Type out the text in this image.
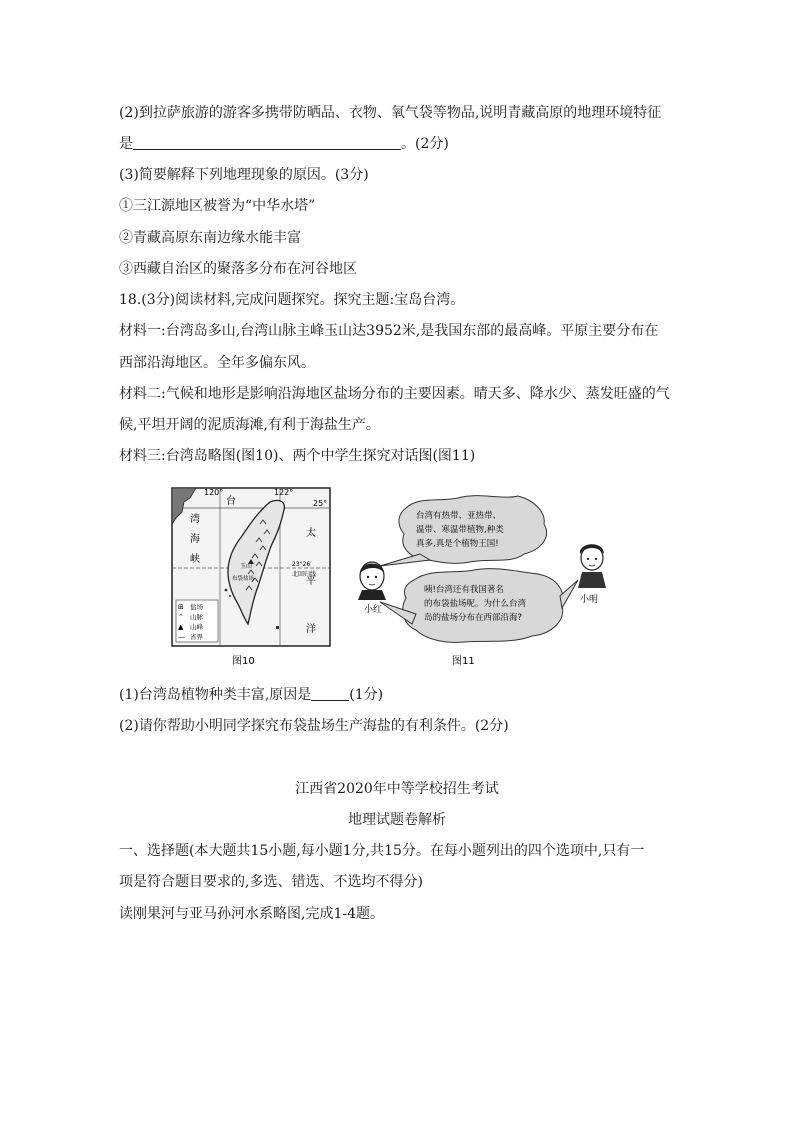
(2)到拉萨旅游的游客多携带防晒品、衣物、氧气袋等物品,说明青藏高原的地理环境特征
是	。(2分)
(3)简要解释下列地理现象的原因。(3分)
①三江源地区被誉为“中华水塔”
②青藏高原东南边缘水能丰富
③西藏自治区的聚落多分布在河谷地区
18.(3分)阅读材料,完成问题探究。探究主题:宝岛台湾。
材料一:台湾岛多山,台湾山脉主峰玉山达3952米,是我国东部的最高峰。平原主要分布在
西部沿海地区。全年多偏东风。
材料二:气候和地形是影响沿海地区盐场分布的主要因素。晴天多、降水少、蒸发旺盛的气
候,平坦开阔的泥质海滩,有利于海盐生产。
材料三:台湾岛略图(图10)、两个中学生探究对话图(图11)
120°	122°
25°
台
湾
海
峡
太
平
洋
玉山
布袋盐场
23°26′
北回归线
⊞ 盐场
⌃ 山脉
▲ 山峰
— 省界
图10
台湾有热带、亚热带、
温带、寒温带植物,种类
真多,真是个植物王国!
咦!台湾还有我国著名
的布袋盐场呢。为什么台湾
岛的盐场分布在西部沿海?
小红
小明
图11
(1)台湾岛植物种类丰富,原因是	(1分)
(2)请你帮助小明同学探究布袋盐场生产海盐的有利条件。(2分)
江西省2020年中等学校招生考试
地理试题卷解析
一、选择题(本大题共15小题,每小题1分,共15分。在每小题列出的四个选项中,只有一
项是符合题目要求的,多选、错选、不选均不得分)
读刚果河与亚马孙河水系略图,完成1-4题。
